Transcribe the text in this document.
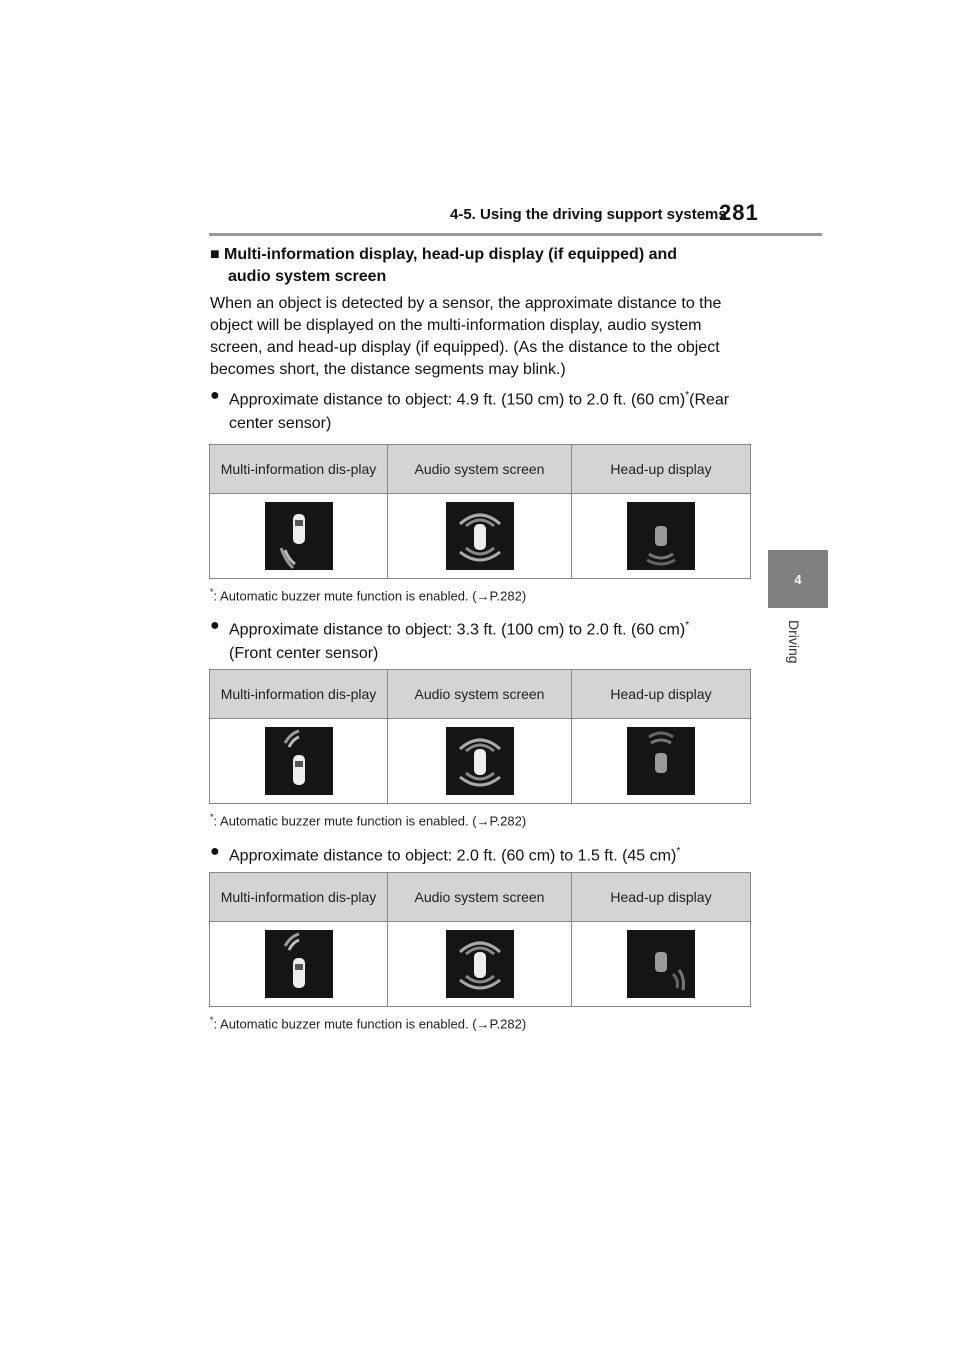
4-5. Using the driving support systems
281
4
Driving
■ Multi-information display, head-up display (if equipped) and
audio system screen

When an object is detected by a sensor, the approximate distance to the object will be displayed on the multi-information display, audio system screen, and head-up display (if equipped). (As the distance to the object becomes short, the distance segments may blink.)

● Approximate distance to object: 4.9 ft. (150 cm) to 2.0 ft. (60 cm)*(Rear center sensor)
Multi-information dis-play	Audio system screen	Head-up display

*: Automatic buzzer mute function is enabled. (→P.282)
● Approximate distance to object: 3.3 ft. (100 cm) to 2.0 ft. (60 cm)*
(Front center sensor)
Multi-information dis-play	Audio system screen	Head-up display

*: Automatic buzzer mute function is enabled. (→P.282)
● Approximate distance to object: 2.0 ft. (60 cm) to 1.5 ft. (45 cm)*
Multi-information dis-play	Audio system screen	Head-up display

*: Automatic buzzer mute function is enabled. (→P.282)
